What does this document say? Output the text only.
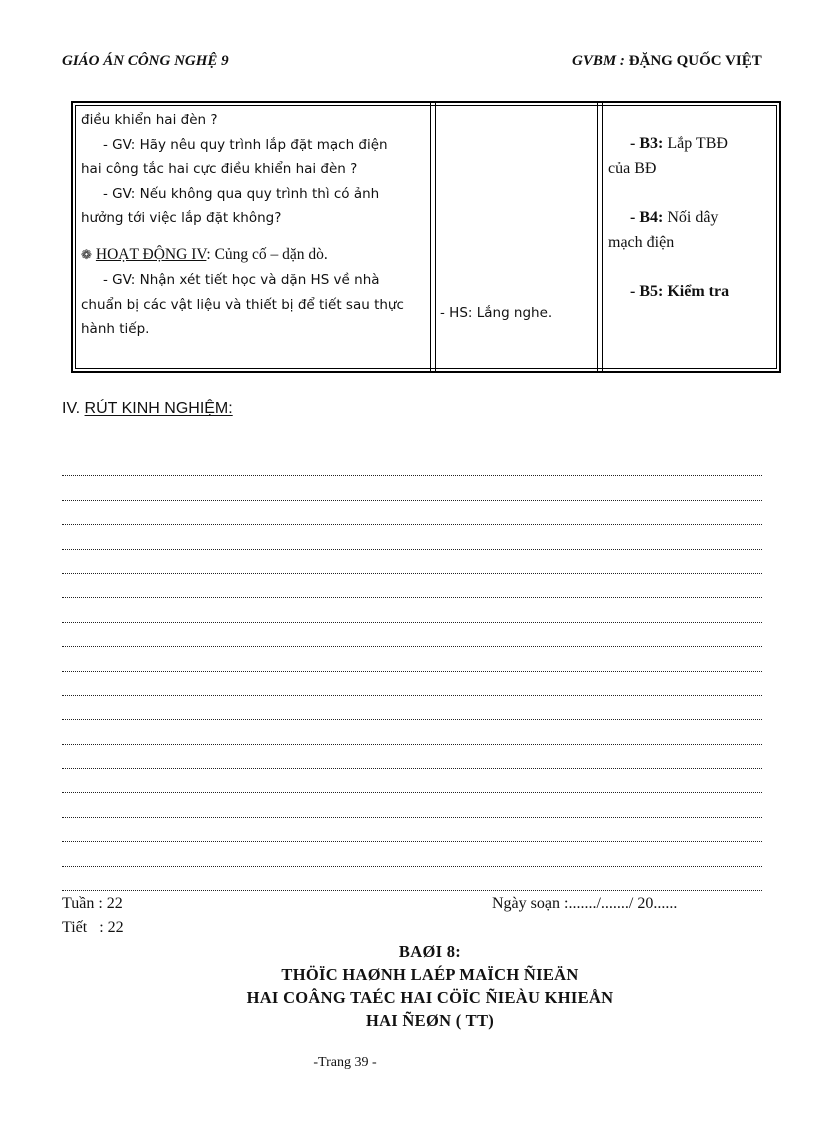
GIÁO ÁN CÔNG NGHỆ 9	GVBM : ĐẶNG QUỐC VIỆT
điều khiển hai đèn ?
- GV: Hãy nêu quy trình lắp đặt mạch điện
hai công tắc hai cực điều khiển hai đèn ?
- GV: Nếu không qua quy trình thì có ảnh
hưởng tới việc lắp đặt không?
❁ HOẠT ĐỘNG IV: Củng cố – dặn dò.
- GV: Nhận xét tiết học và dặn HS về nhà
chuẩn bị các vật liệu và thiết bị để tiết sau thực
hành tiếp.
- HS: Lắng nghe.
- B3: Lắp TBĐ
của BĐ
- B4: Nối dây
mạch điện
- B5: Kiểm tra
IV. RÚT KINH NGHIỆM:
Tuần : 22
Tiết : 22
Ngày soạn :......./......./ 20......
BAØI 8:
THÖÏC HAØNH LAÉP MAÏCH ÑIEÄN
HAI COÂNG TAÉC HAI CÖÏC ÑIEÀU KHIEÅN
HAI ÑEØN ( TT)
-Trang 39 -
